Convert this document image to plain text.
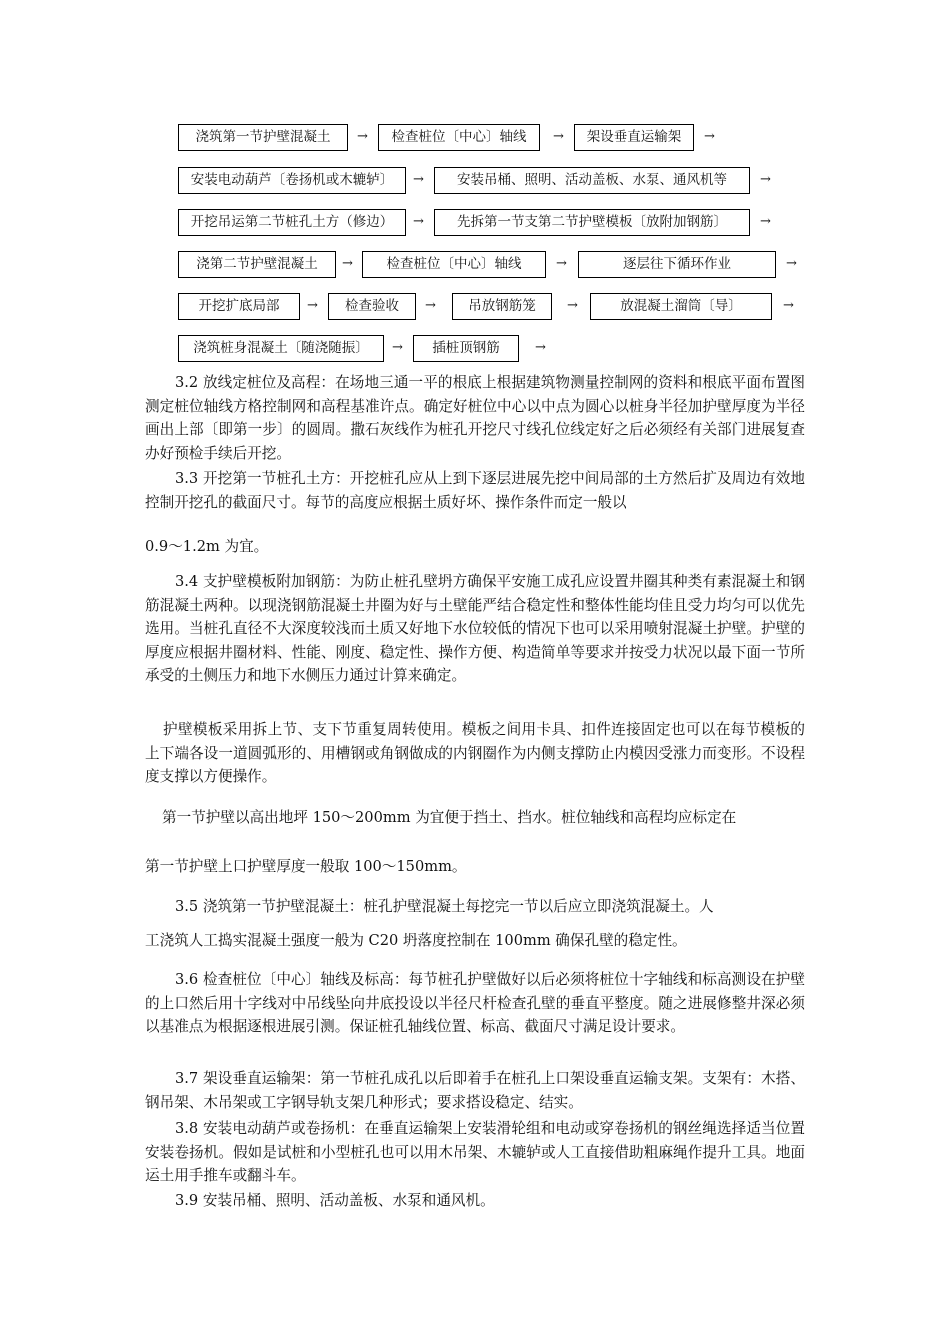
浇筑第一节护壁混凝土	→	检查桩位〔中心〕轴线	→	架设垂直运输架	→
安装电动葫芦〔卷扬机或木辘轳〕	→	安装吊桶、照明、活动盖板、水泵、通风机等	→
开挖吊运第二节桩孔土方（修边）	→	先拆第一节支第二节护壁模板〔放附加钢筋〕	→
浇第二节护壁混凝土	→	检查桩位〔中心〕轴线	→	逐层往下循环作业	→
开挖扩底局部	→	检查验收	→	吊放钢筋笼	→	放混凝土溜筒〔导〕	→
浇筑桩身混凝土〔随浇随振〕	→	插桩顶钢筋	→

3.2 放线定桩位及高程：在场地三通一平的根底上根据建筑物测量控制网的资料和根底平面布置图测定桩位轴线方格控制网和高程基准许点。确定好桩位中心以中点为圆心以桩身半径加护壁厚度为半径画出上部〔即第一步〕的圆周。撒石灰线作为桩孔开挖尺寸线孔位线定好之后必须经有关部门进展复查办好预检手续后开挖。

3.3 开挖第一节桩孔土方：开挖桩孔应从上到下逐层进展先挖中间局部的土方然后扩及周边有效地控制开挖孔的截面尺寸。每节的高度应根据土质好坏、操作条件而定一般以

0.9～1.2m 为宜。

3.4 支护壁模板附加钢筋：为防止桩孔壁坍方确保平安施工成孔应设置井圈其种类有素混凝土和钢筋混凝土两种。以现浇钢筋混凝土井圈为好与土壁能严结合稳定性和整体性能均佳且受力均匀可以优先选用。当桩孔直径不大深度较浅而土质又好地下水位较低的情况下也可以采用喷射混凝土护壁。护壁的厚度应根据井圈材料、性能、刚度、稳定性、操作方便、构造简单等要求并按受力状况以最下面一节所承受的土侧压力和地下水侧压力通过计算来确定。

护壁模板采用拆上节、支下节重复周转使用。模板之间用卡具、扣件连接固定也可以在每节模板的上下端各设一道圆弧形的、用槽钢或角钢做成的内钢圈作为内侧支撑防止内模因受涨力而变形。不设程度支撑以方便操作。

第一节护壁以高出地坪 150～200mm 为宜便于挡土、挡水。桩位轴线和高程均应标定在

第一节护壁上口护壁厚度一般取 100～150mm。

3.5 浇筑第一节护壁混凝土：桩孔护壁混凝土每挖完一节以后应立即浇筑混凝土。人

工浇筑人工捣实混凝土强度一般为 C20 坍落度控制在 100mm 确保孔壁的稳定性。

3.6 检查桩位〔中心〕轴线及标高：每节桩孔护壁做好以后必须将桩位十字轴线和标高测设在护壁的上口然后用十字线对中吊线坠向井底投设以半径尺杆检查孔壁的垂直平整度。随之进展修整井深必须以基准点为根据逐根进展引测。保证桩孔轴线位置、标高、截面尺寸满足设计要求。

3.7 架设垂直运输架：第一节桩孔成孔以后即着手在桩孔上口架设垂直运输支架。支架有：木搭、钢吊架、木吊架或工字钢导轨支架几种形式；要求搭设稳定、结实。

3.8 安装电动葫芦或卷扬机：在垂直运输架上安装滑轮组和电动或穿卷扬机的钢丝绳选择适当位置安装卷扬机。假如是试桩和小型桩孔也可以用木吊架、木辘轳或人工直接借助粗麻绳作提升工具。地面运土用手推车或翻斗车。

3.9 安装吊桶、照明、活动盖板、水泵和通风机。
